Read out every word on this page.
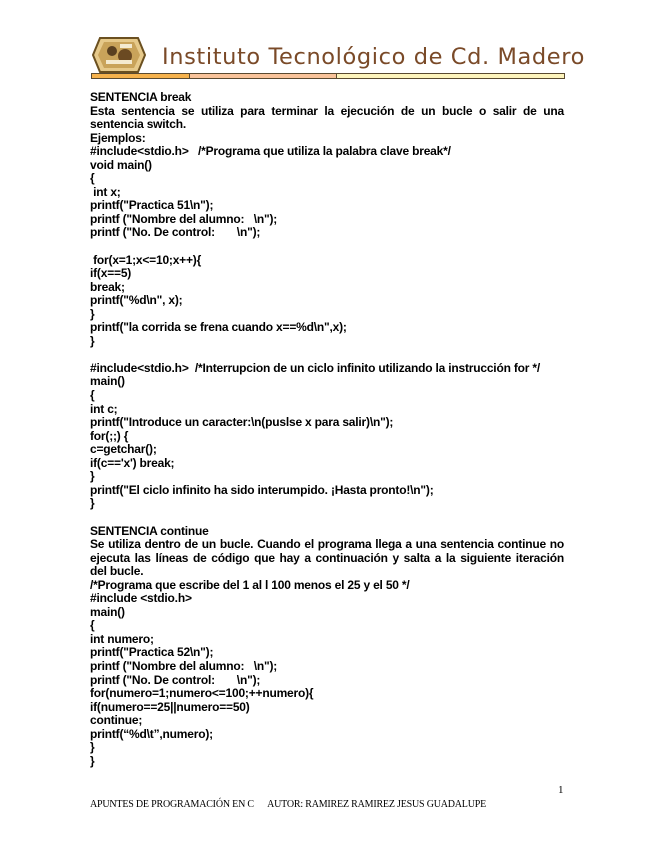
Instituto Tecnológico de Cd. Madero
SENTENCIA break
Esta sentencia se utiliza para terminar la ejecución de un bucle o salir de una
sentencia switch.
Ejemplos:
#include<stdio.h>   /*Programa que utiliza la palabra clave break*/
void main()
{
int x;
printf("Practica 51\n");
printf ("Nombre del alumno:   \n");
printf ("No. De control:       \n");
for(x=1;x<=10;x++){
if(x==5)
break;
printf("%d\n", x);
}
printf("la corrida se frena cuando x==%d\n",x);
}
#include<stdio.h>  /*Interrupcion de un ciclo infinito utilizando la instrucción for */
main()
{
int c;
printf("Introduce un caracter:\n(puslse x para salir)\n");
for(;;) {
c=getchar();
if(c=='x') break;
}
printf("El ciclo infinito ha sido interumpido. ¡Hasta pronto!\n");
}
SENTENCIA continue
Se utiliza dentro de un bucle. Cuando el programa llega a una sentencia continue no
ejecuta las líneas de código que hay a continuación y salta a la siguiente iteración
del bucle.
/*Programa que escribe del 1 al l 100 menos el 25 y el 50 */
#include <stdio.h>
main()
{
int numero;
printf("Practica 52\n");
printf ("Nombre del alumno:   \n");
printf ("No. De control:       \n");
for(numero=1;numero<=100;++numero){
if(numero==25||numero==50)
continue;
printf(“%d\t”,numero);
}
}
1
APUNTES DE PROGRAMACIÓN EN C      AUTOR: RAMIREZ RAMIREZ JESUS GUADALUPE
